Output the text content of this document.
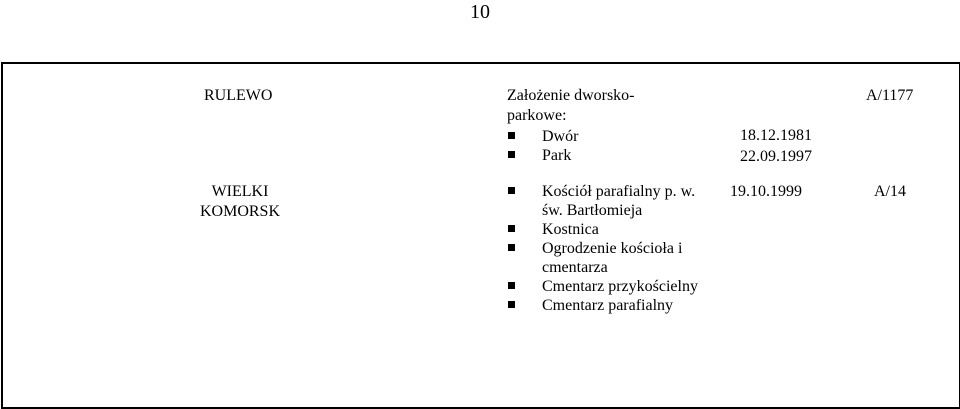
10
RULEWO	Założenie dworsko-parkowe:
Dwór
Park
18.12.1981
22.09.1997
A/1177
WIELKI
KOMORSK
Kościół parafialny p. w. św. Bartłomieja
Kostnica
Ogrodzenie kościoła i cmentarza
Cmentarz przykościelny
Cmentarz parafialny
19.10.1999	A/14
